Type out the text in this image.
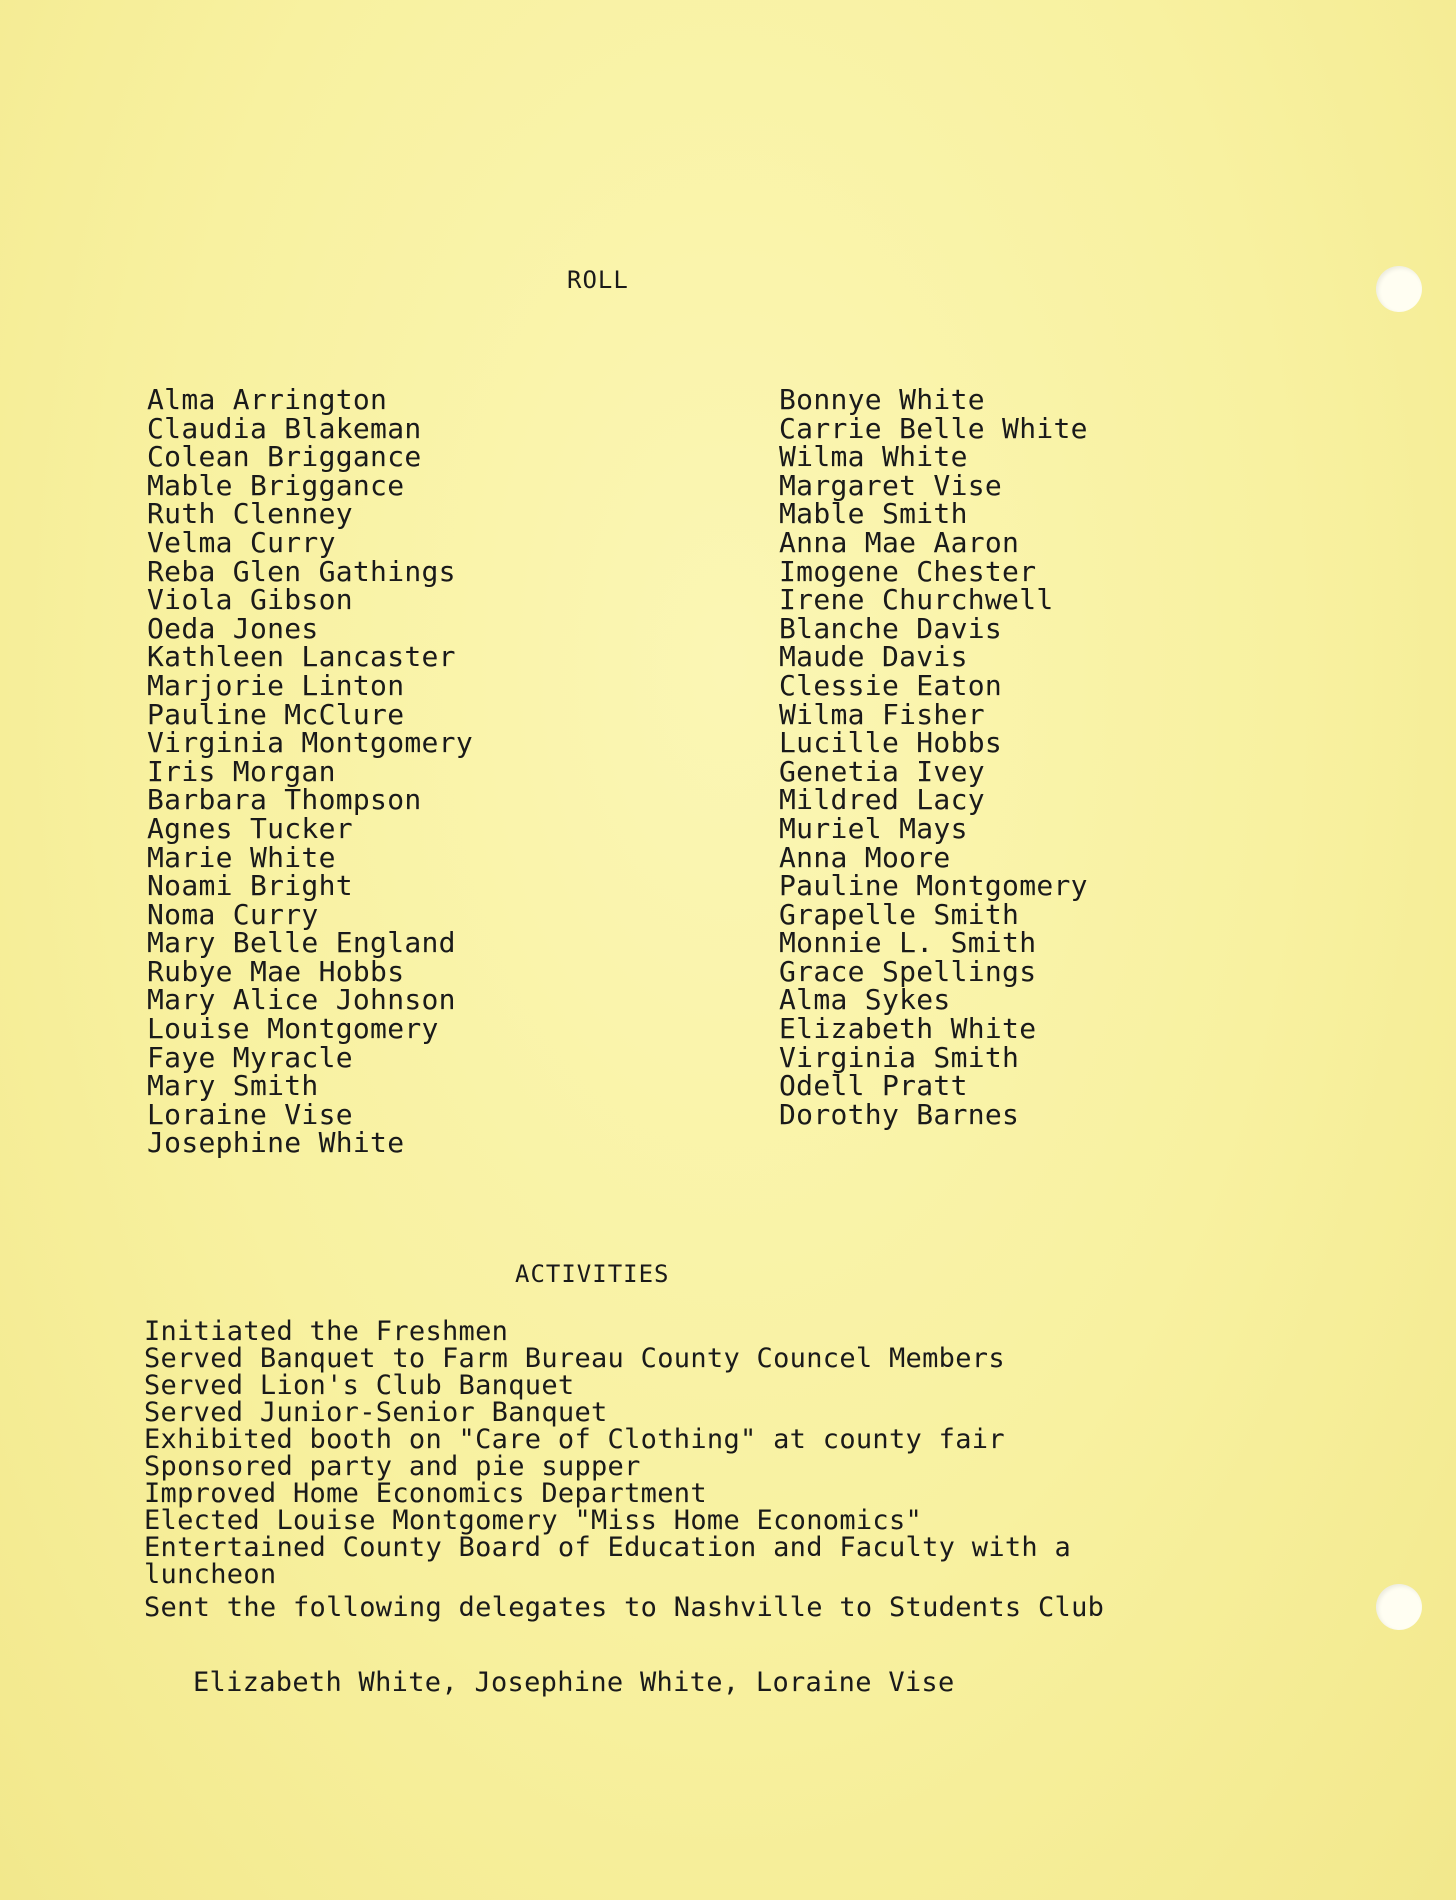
ROLL
Alma Arrington
Claudia Blakeman
Colean Briggance
Mable Briggance
Ruth Clenney
Velma Curry
Reba Glen Gathings
Viola Gibson
Oeda Jones
Kathleen Lancaster
Marjorie Linton
Pauline McClure
Virginia Montgomery
Iris Morgan
Barbara Thompson
Agnes Tucker
Marie White
Noami Bright
Noma Curry
Mary Belle England
Rubye Mae Hobbs
Mary Alice Johnson
Louise Montgomery
Faye Myracle
Mary Smith
Loraine Vise
Josephine White
Bonnye White
Carrie Belle White
Wilma White
Margaret Vise
Mable Smith
Anna Mae Aaron
Imogene Chester
Irene Churchwell
Blanche Davis
Maude Davis
Clessie Eaton
Wilma Fisher
Lucille Hobbs
Genetia Ivey
Mildred Lacy
Muriel Mays
Anna Moore
Pauline Montgomery
Grapelle Smith
Monnie L. Smith
Grace Spellings
Alma Sykes
Elizabeth White
Virginia Smith
Odell Pratt
Dorothy Barnes
ACTIVITIES
Initiated the Freshmen
Served Banquet to Farm Bureau County Councel Members
Served Lion's Club Banquet
Served Junior-Senior Banquet
Exhibited booth on "Care of Clothing" at county fair
Sponsored party and pie supper
Improved Home Economics Department
Elected Louise Montgomery "Miss Home Economics"
Entertained County Board of Education and Faculty with a luncheon
Sent the following delegates to Nashville to Students Club
Elizabeth White, Josephine White, Loraine Vise
